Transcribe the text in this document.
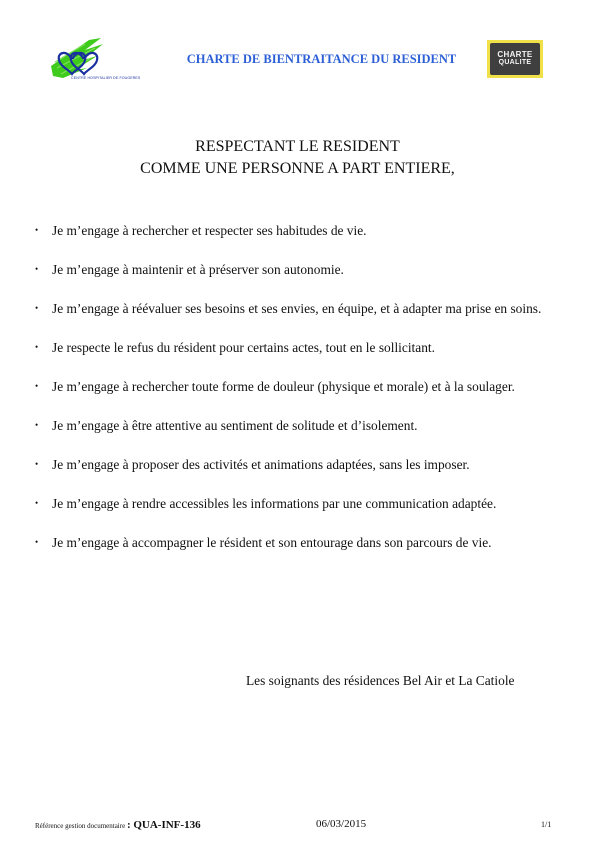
CENTRE HOSPITALIER DE FOUGERES
CHARTE DE BIENTRAITANCE DU RESIDENT	CHARTE
QUALITE
RESPECTANT LE RESIDENT
COMME UNE PERSONNE A PART ENTIERE,
• Je m’engage à rechercher et respecter ses habitudes de vie.
• Je m’engage à maintenir et à préserver son autonomie.
• Je m’engage à réévaluer ses besoins et ses envies, en équipe, et à adapter ma prise en soins.
• Je respecte le refus du résident pour certains actes, tout en le sollicitant.
• Je m’engage à rechercher toute forme de douleur (physique et morale) et à la soulager.
• Je m’engage à être attentive au sentiment de solitude et d’isolement.
• Je m’engage à proposer des activités et animations adaptées, sans les imposer.
• Je m’engage à rendre accessibles les informations par une communication adaptée.
• Je m’engage à accompagner le résident et son entourage dans son parcours de vie.
Les soignants des résidences Bel Air et La Catiole
Référence gestion documentaire : QUA-INF-136	06/03/2015	1/1
